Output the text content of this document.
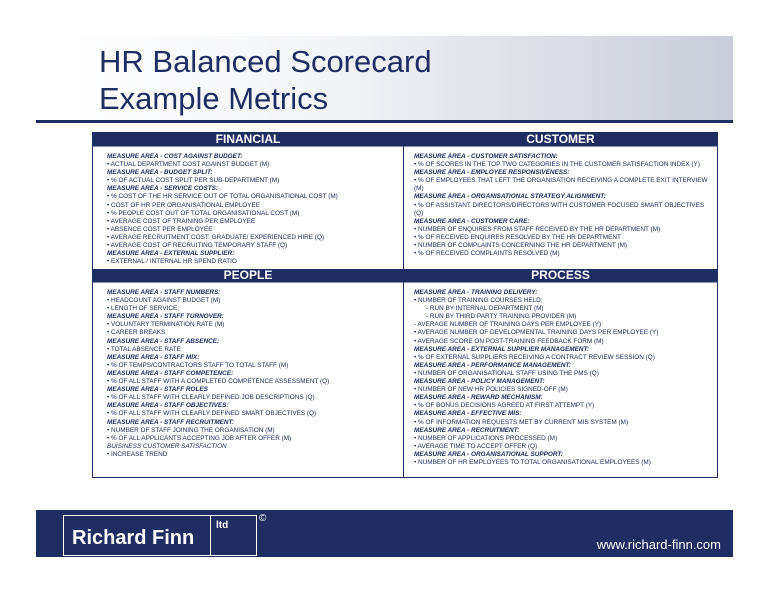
HR Balanced Scorecard
Example Metrics
FINANCIAL
MEASURE AREA - COST AGAINST BUDGET:
• ACTUAL DEPARTMENT COST AGAINST BUDGET (M)
MEASURE AREA - BUDGET SPLIT:
• % OF ACTUAL COST SPLIT PER SUB-DEPARTMENT (M)
MEASURE AREA - SERVICE COSTS:
• % COST OF THE HR SERVICE OUT OF TOTAL ORGANISATIONAL COST (M)
• COST OF HR PER ORGANISATIONAL EMPLOYEE
• % PEOPLE COST OUT OF TOTAL ORGANISATIONAL COST (M)
• AVERAGE COST OF TRAINING PER EMPLOYEE
• ABSENCE COST PER EMPLOYEE
• AVERAGE RECRUITMENT COST: GRADUATE/ EXPERIENCED HIRE (Q)
• AVERAGE COST OF RECRUITING TEMPORARY STAFF (Q)
MEASURE AREA - EXTERNAL SUPPLIER:
• EXTERNAL / INTERNAL HR SPEND RATIO
CUSTOMER
MEASURE AREA - CUSTOMER SATISFACTION:
• % OF SCORES IN THE TOP TWO CATEGORIES IN THE CUSTOMER SATISFACTION INDEX (Y)
MEASURE AREA - EMPLOYEE RESPONSIVENESS:
• % OF EMPLOYEES THAT LEFT THE ORGANISATION RECEIVING A COMPLETE EXIT INTERVIEW (M)
MEASURE AREA - ORGANISATIONAL STRATEGY ALIGNMENT:
• % OF ASSISTANT DIRECTORS/DIRECTORS WITH CUSTOMER FOCUSED SMART OBJECTIVES (Q)
MEASURE AREA - CUSTOMER CARE:
• NUMBER OF ENQUIRES FROM STAFF RECEIVED BY THE HR DEPARTMENT (M)
• % OF RECEIVED ENQUIRES RESOLVED BY THE HR DEPARTMENT
• NUMBER OF COMPLAINTS CONCERNING THE HR DEPARTMENT (M)
• % OF RECEIVED COMPLAINTS RESOLVED (M)
PEOPLE
MEASURE AREA - STAFF NUMBERS:
• HEADCOUNT AGAINST BUDGET (M)
• LENGTH OF SERVICE;
MEASURE AREA - STAFF TURNOVER:
• VOLUNTARY TERMINATION RATE (M)
• CAREER BREAKS
MEASURE AREA - STAFF ABSENCE:
• TOTAL ABSENCE RATE
MEASURE AREA - STAFF MIX:
• % OF TEMPS/CONTRACTORS STAFF TO TOTAL STAFF (M)
MEASURE AREA - STAFF COMPETENCE:
• % OF ALL STAFF WITH A COMPLETED COMPETENCE ASSESSMENT (Q)
MEASURE AREA - STAFF ROLES
• % OF ALL STAFF WITH CLEARLY DEFINED JOB DESCRIPTIONS (Q)
MEASURE AREA - STAFF OBJECTIVES:
• % OF ALL STAFF WITH CLEARLY DEFINED SMART OBJECTIVES (Q)
MEASURE AREA - STAFF RECRUITMENT:
• NUMBER OF STAFF JOINING THE ORGANISATION (M)
• % OF ALL APPLICANTS ACCEPTING JOB AFTER OFFER (M)
BUISINESS CUSTOMER SATISFACTION
• INCREASE TREND
PROCESS
MEASURE AREA - TRAINING DELIVERY:
• NUMBER OF TRAINING COURSES HELD;
- RUN BY INTERNAL DEPARTMENT (M)
- RUN BY THIRD PARTY TRAINING PROVIDER (M)
- AVERAGE NUMBER OF TRAINING DAYS PER EMPLOYEE (Y)
• AVERAGE NUMBER OF DEVELOPMENTAL TRAINING DAYS PER EMPLOYEE (Y)
• AVERAGE SCORE ON POST-TRAINING FEEDBACK FORM (M)
MEASURE AREA - EXTERNAL SUPPLIER MANAGEMENT:
• % OF EXTERNAL SUPPLIERS RECEIVING A CONTRACT REVIEW SESSION (Q)
MEASURE AREA - PERFORMANCE MANAGEMENT:
• NUMBER OF ORGANISATIONAL STAFF USING THE PMS (Q)
MEASURE AREA - POLICY MANAGEMENT:
• NUMBER OF NEW HR POLICIES SIGNED-OFF (M)
MEASURE AREA - REWARD MECHANISM:
• % OF BONUS DECISIONS AGREED AT FIRST ATTEMPT (Y)
MEASURE AREA - EFFECTIVE MIS:
• % OF INFORMATION REQUESTS MET BY CURRENT MIS SYSTEM (M)
MEASURE AREA - RECRUITMENT:
• NUMBER OF APPLICATIONS PROCESSED (M)
• AVERAGE TIME TO ACCEPT OFFER (Q)
MEASURE AREA - ORGANISATIONAL SUPPORT:
• NUMBER OF HR EMPLOYEES TO TOTAL ORGANISATIONAL EMPLOYEES (M)
Richard Finn
ltd
©
www.richard-finn.com
